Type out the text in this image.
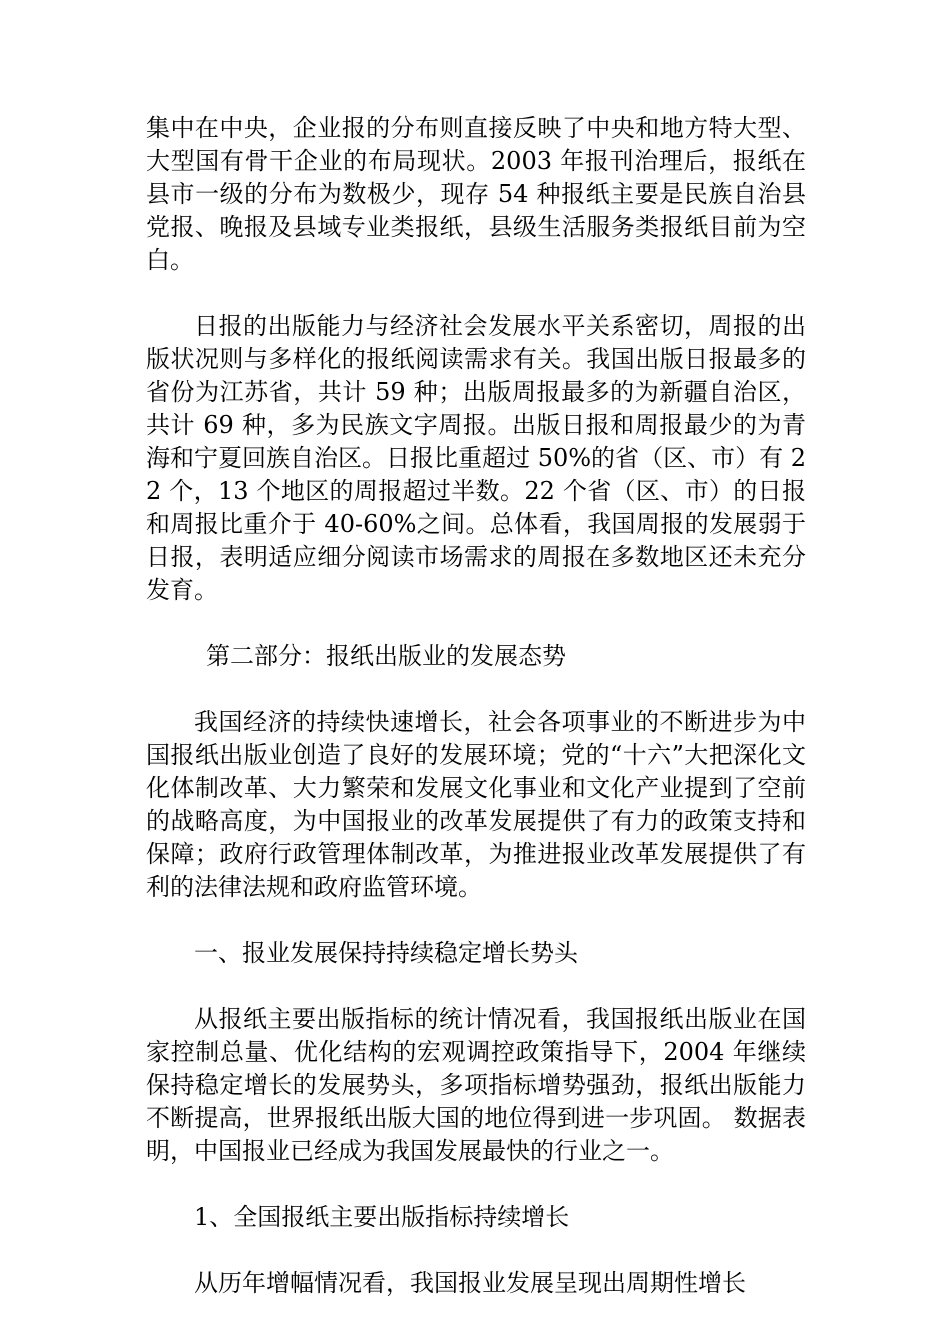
集中在中央，企业报的分布则直接反映了中央和地方特大型、大型国有骨干企业的布局现状。2003 年报刊治理后，报纸在县市一级的分布为数极少，现存 54 种报纸主要是民族自治县党报、晚报及县域专业类报纸，县级生活服务类报纸目前为空白。

日报的出版能力与经济社会发展水平关系密切，周报的出版状况则与多样化的报纸阅读需求有关。我国出版日报最多的省份为江苏省，共计 59 种；出版周报最多的为新疆自治区，共计 69 种，多为民族文字周报。出版日报和周报最少的为青海和宁夏回族自治区。日报比重超过 50%的省（区、市）有 22 个，13 个地区的周报超过半数。22 个省（区、市）的日报和周报比重介于 40-60%之间。总体看，我国周报的发展弱于日报，表明适应细分阅读市场需求的周报在多数地区还未充分发育。

第二部分：报纸出版业的发展态势

我国经济的持续快速增长，社会各项事业的不断进步为中国报纸出版业创造了良好的发展环境；党的“十六”大把深化文化体制改革、大力繁荣和发展文化事业和文化产业提到了空前的战略高度，为中国报业的改革发展提供了有力的政策支持和保障；政府行政管理体制改革，为推进报业改革发展提供了有利的法律法规和政府监管环境。

一、报业发展保持持续稳定增长势头

从报纸主要出版指标的统计情况看，我国报纸出版业在国家控制总量、优化结构的宏观调控政策指导下，2004 年继续保持稳定增长的发展势头，多项指标增势强劲，报纸出版能力不断提高，世界报纸出版大国的地位得到进一步巩固。 数据表明，中国报业已经成为我国发展最快的行业之一。

1、全国报纸主要出版指标持续增长

从历年增幅情况看，我国报业发展呈现出周期性增长
